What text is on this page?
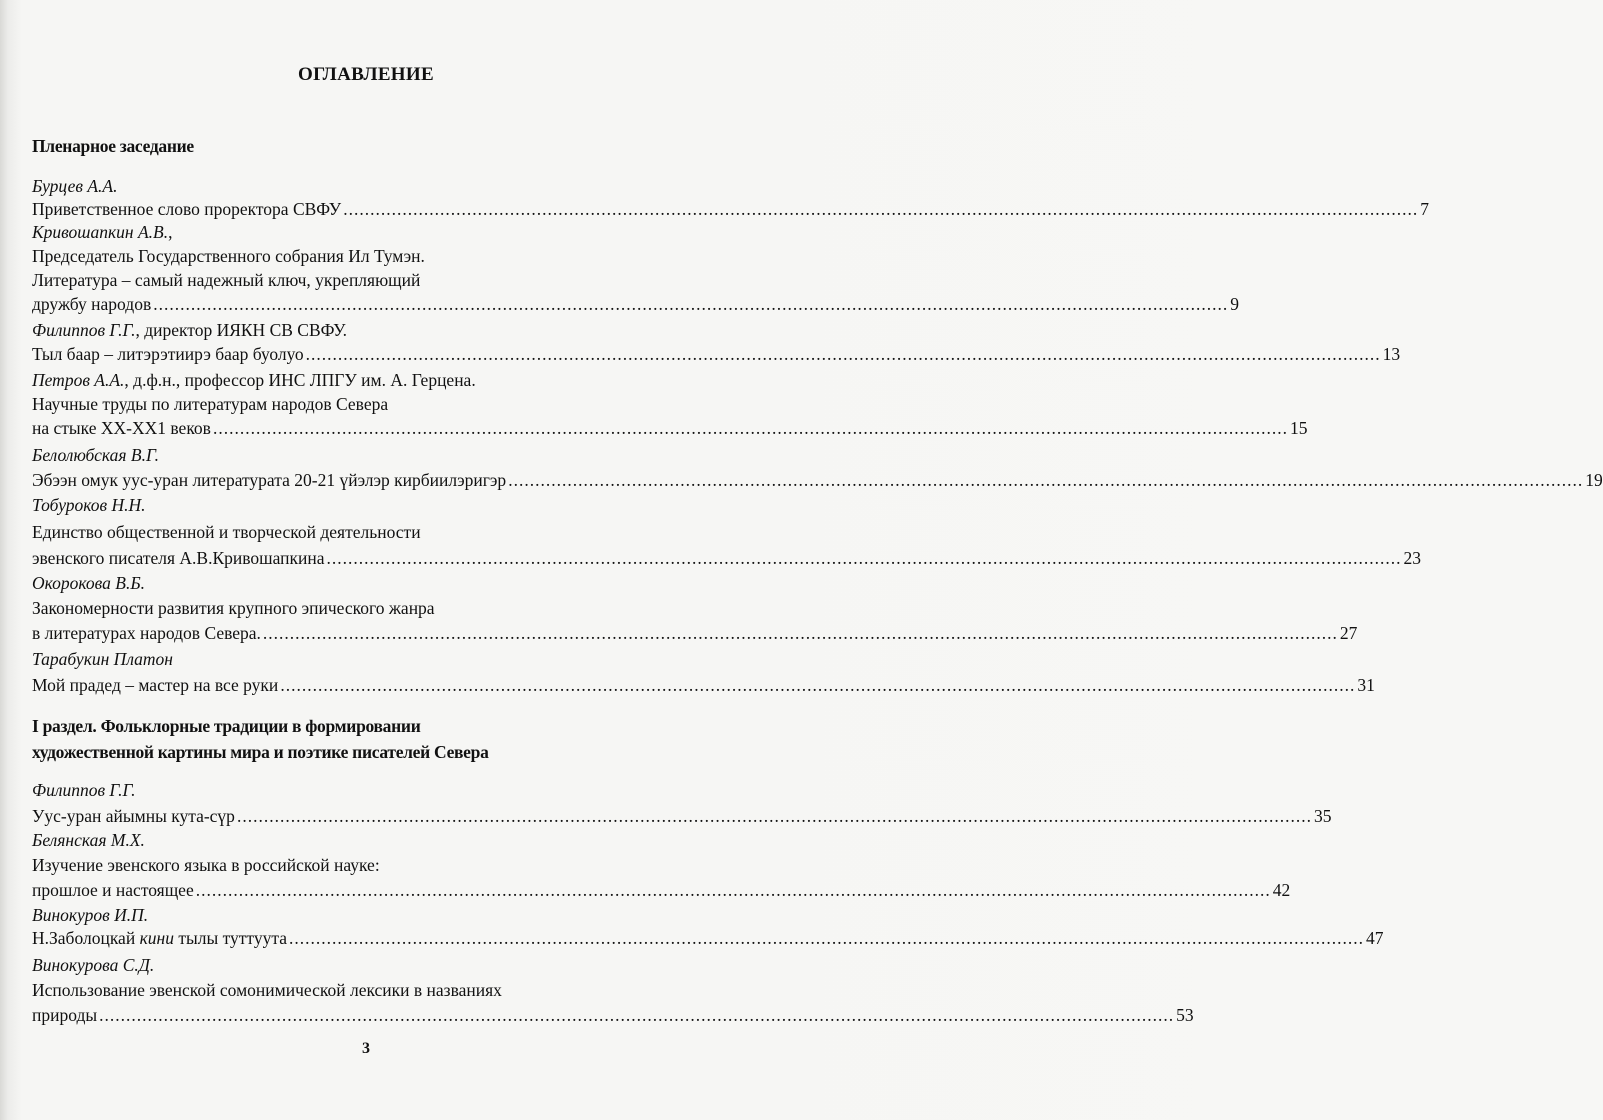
ОГЛАВЛЕНИЕ
Пленарное заседание
Бурцев А.А.
Приветственное слово проректора СВФУ ........................................................................................................................................................................................................ 7
Кривошапкин А.В.,
Председатель Государственного собрания Ил Тумэн.
Литература – самый надежный ключ, укрепляющий
дружбу народов ........................................................................................................................................................................................................ 9
Филиппов Г.Г., директор ИЯКН СВ СВФУ.
Тыл баар – литэрэтиирэ баар буолуо ........................................................................................................................................................................................................ 13
Петров А.А., д.ф.н., профессор ИНС ЛПГУ им. А. Герцена.
Научные труды по литературам народов Севера
на стыке ХХ-ХХ1 веков ........................................................................................................................................................................................................ 15
Белолюбская В.Г.
Эбээн омук уус-уран литературата 20-21 үйэлэр кирбиилэригэр ........................................................................................................................................................................................................ 19
Тобуроков Н.Н.
Единство общественной и творческой деятельности
эвенского писателя А.В.Кривошапкина ........................................................................................................................................................................................................ 23
Окорокова В.Б.
Закономерности развития крупного эпического жанра
в литературах народов Севера. ........................................................................................................................................................................................................ 27
Тарабукин Платон
Мой прадед – мастер на все руки ........................................................................................................................................................................................................ 31
I раздел. Фольклорные традиции в формировании
художественной картины мира и поэтике писателей Севера
Филиппов Г.Г.
Уус-уран айымны кута-сүр ........................................................................................................................................................................................................ 35
Белянская М.Х.
Изучение эвенского языка в российской науке:
прошлое и настоящее ........................................................................................................................................................................................................ 42
Винокуров И.П.
Н.Заболоцкай кини тылы туттуута ........................................................................................................................................................................................................ 47
Винокурова С.Д.
Использование эвенской сомонимической лексики в названиях
природы ........................................................................................................................................................................................................ 53
3
